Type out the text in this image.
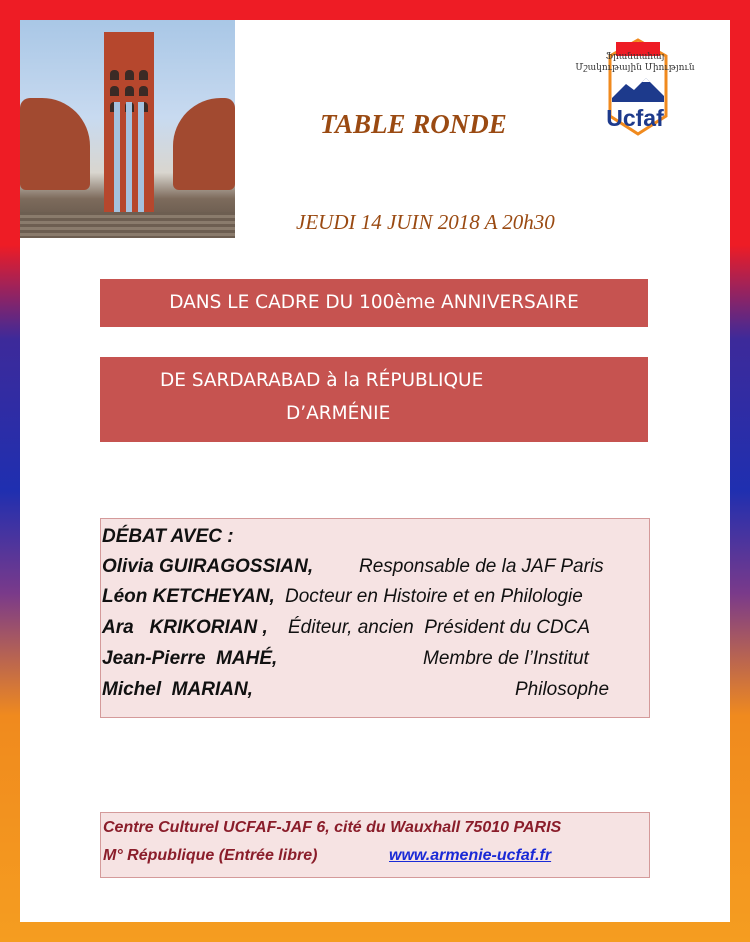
Ֆրանսահայ
Մշակութային Միություն
Ucfaf
TABLE RONDE
JEUDI 14 JUIN 2018 A 20h30
DANS LE CADRE DU 100ème ANNIVERSAIRE
DE SARDARABAD à la RÉPUBLIQUE
D’ARMÉNIE
DÉBAT AVEC :
Olivia GUIRAGOSSIAN, Responsable de la JAF Paris
Léon KETCHEYAN, Docteur en Histoire et en Philologie
Ara   KRIKORIAN , Éditeur, ancien  Président du CDCA
Jean-Pierre  MAHÉ,	Membre de l’Institut
Michel  MARIAN,	Philosophe
Centre Culturel UCFAF-JAF 6, cité du Wauxhall 75010 PARIS
M° République (Entrée libre)	www.armenie-ucfaf.fr
